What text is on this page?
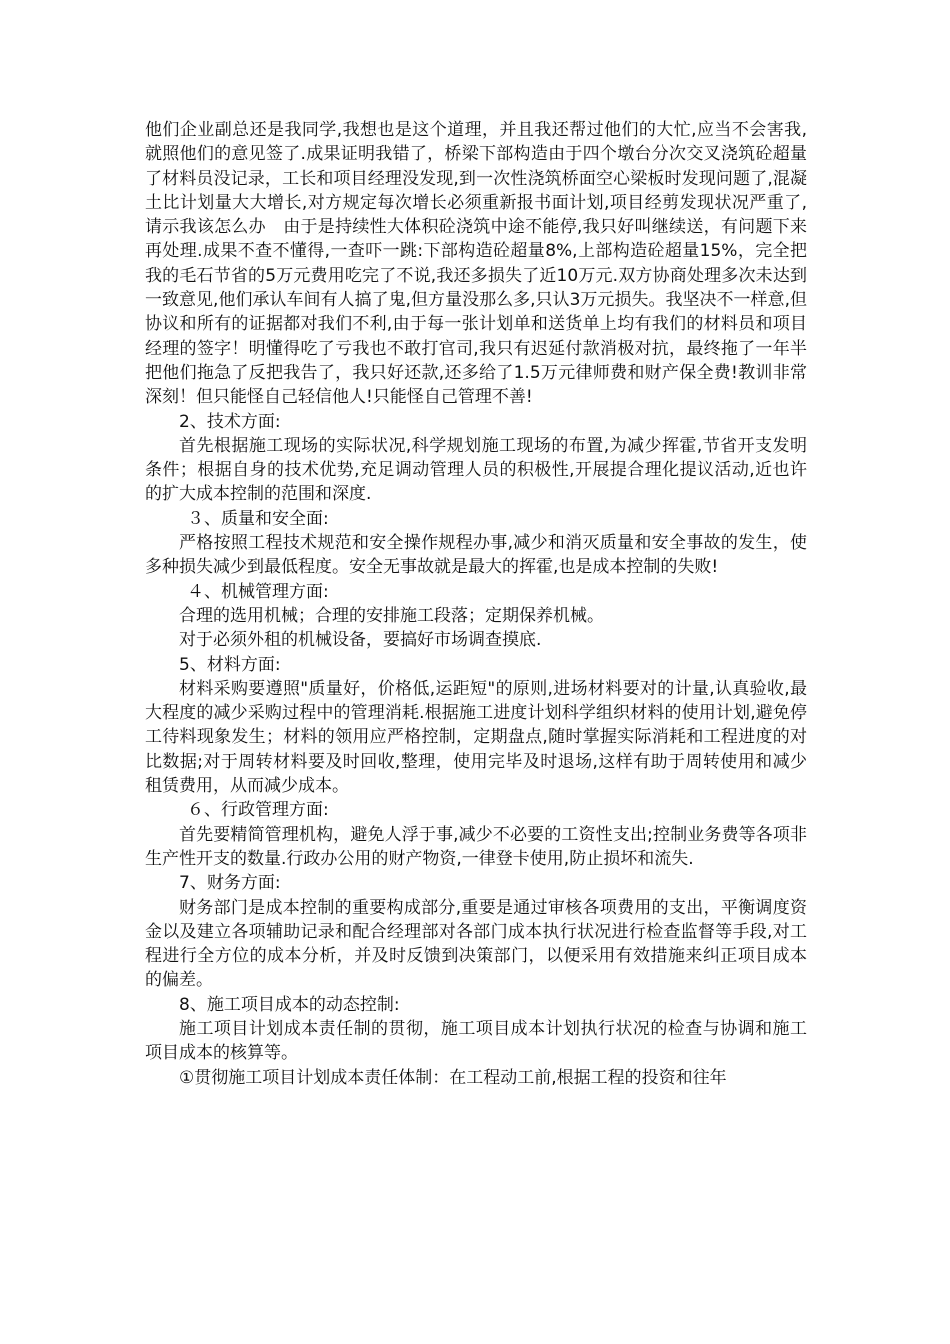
他们企业副总还是我同学,我想也是这个道理，并且我还帮过他们的大忙,应当不会害我,就照他们的意见签了.成果证明我错了，桥梁下部构造由于四个墩台分次交叉浇筑砼超量了材料员没记录，工长和项目经理没发现,到一次性浇筑桥面空心梁板时发现问题了,混凝土比计划量大大增长,对方规定每次增长必须重新报书面计划,项目经剪发现状况严重了,请示我该怎么办　由于是持续性大体积砼浇筑中途不能停,我只好叫继续送，有问题下来再处理.成果不查不懂得,一查吓一跳:下部构造砼超量8%,上部构造砼超量15%，完全把我的毛石节省的5万元费用吃完了不说,我还多损失了近10万元.双方协商处理多次未达到一致意见,他们承认车间有人搞了鬼,但方量没那么多,只认3万元损失。我坚决不一样意,但协议和所有的证据都对我们不利,由于每一张计划单和送货单上均有我们的材料员和项目经理的签字！明懂得吃了亏我也不敢打官司,我只有迟延付款消极对抗，最终拖了一年半把他们拖急了反把我告了，我只好还款,还多给了1.5万元律师费和财产保全费!教训非常深刻！但只能怪自己轻信他人!只能怪自己管理不善!

2、技术方面:

首先根据施工现场的实际状况,科学规划施工现场的布置,为减少挥霍,节省开支发明条件；根据自身的技术优势,充足调动管理人员的积极性,开展提合理化提议活动,近也许的扩大成本控制的范围和深度.

３、质量和安全面:

严格按照工程技术规范和安全操作规程办事,减少和消灭质量和安全事故的发生，使多种损失减少到最低程度。安全无事故就是最大的挥霍,也是成本控制的失败!

４、机械管理方面:

合理的选用机械；合理的安排施工段落；定期保养机械。

对于必须外租的机械设备，要搞好市场调查摸底.

5、材料方面:

材料采购要遵照"质量好，价格低,运距短"的原则,进场材料要对的计量,认真验收,最大程度的减少采购过程中的管理消耗.根据施工进度计划科学组织材料的使用计划,避免停工待料现象发生；材料的领用应严格控制，定期盘点,随时掌握实际消耗和工程进度的对比数据;对于周转材料要及时回收,整理，使用完毕及时退场,这样有助于周转使用和减少租赁费用，从而减少成本。

６、行政管理方面:

首先要精简管理机构，避免人浮于事,减少不必要的工资性支出;控制业务费等各项非生产性开支的数量.行政办公用的财产物资,一律登卡使用,防止损坏和流失.

7、财务方面:

财务部门是成本控制的重要构成部分,重要是通过审核各项费用的支出，平衡调度资金以及建立各项辅助记录和配合经理部对各部门成本执行状况进行检查监督等手段,对工程进行全方位的成本分析，并及时反馈到决策部门，以便采用有效措施来纠正项目成本的偏差。

8、施工项目成本的动态控制:

施工项目计划成本责任制的贯彻，施工项目成本计划执行状况的检查与协调和施工项目成本的核算等。

①贯彻施工项目计划成本责任体制：在工程动工前,根据工程的投资和往年
